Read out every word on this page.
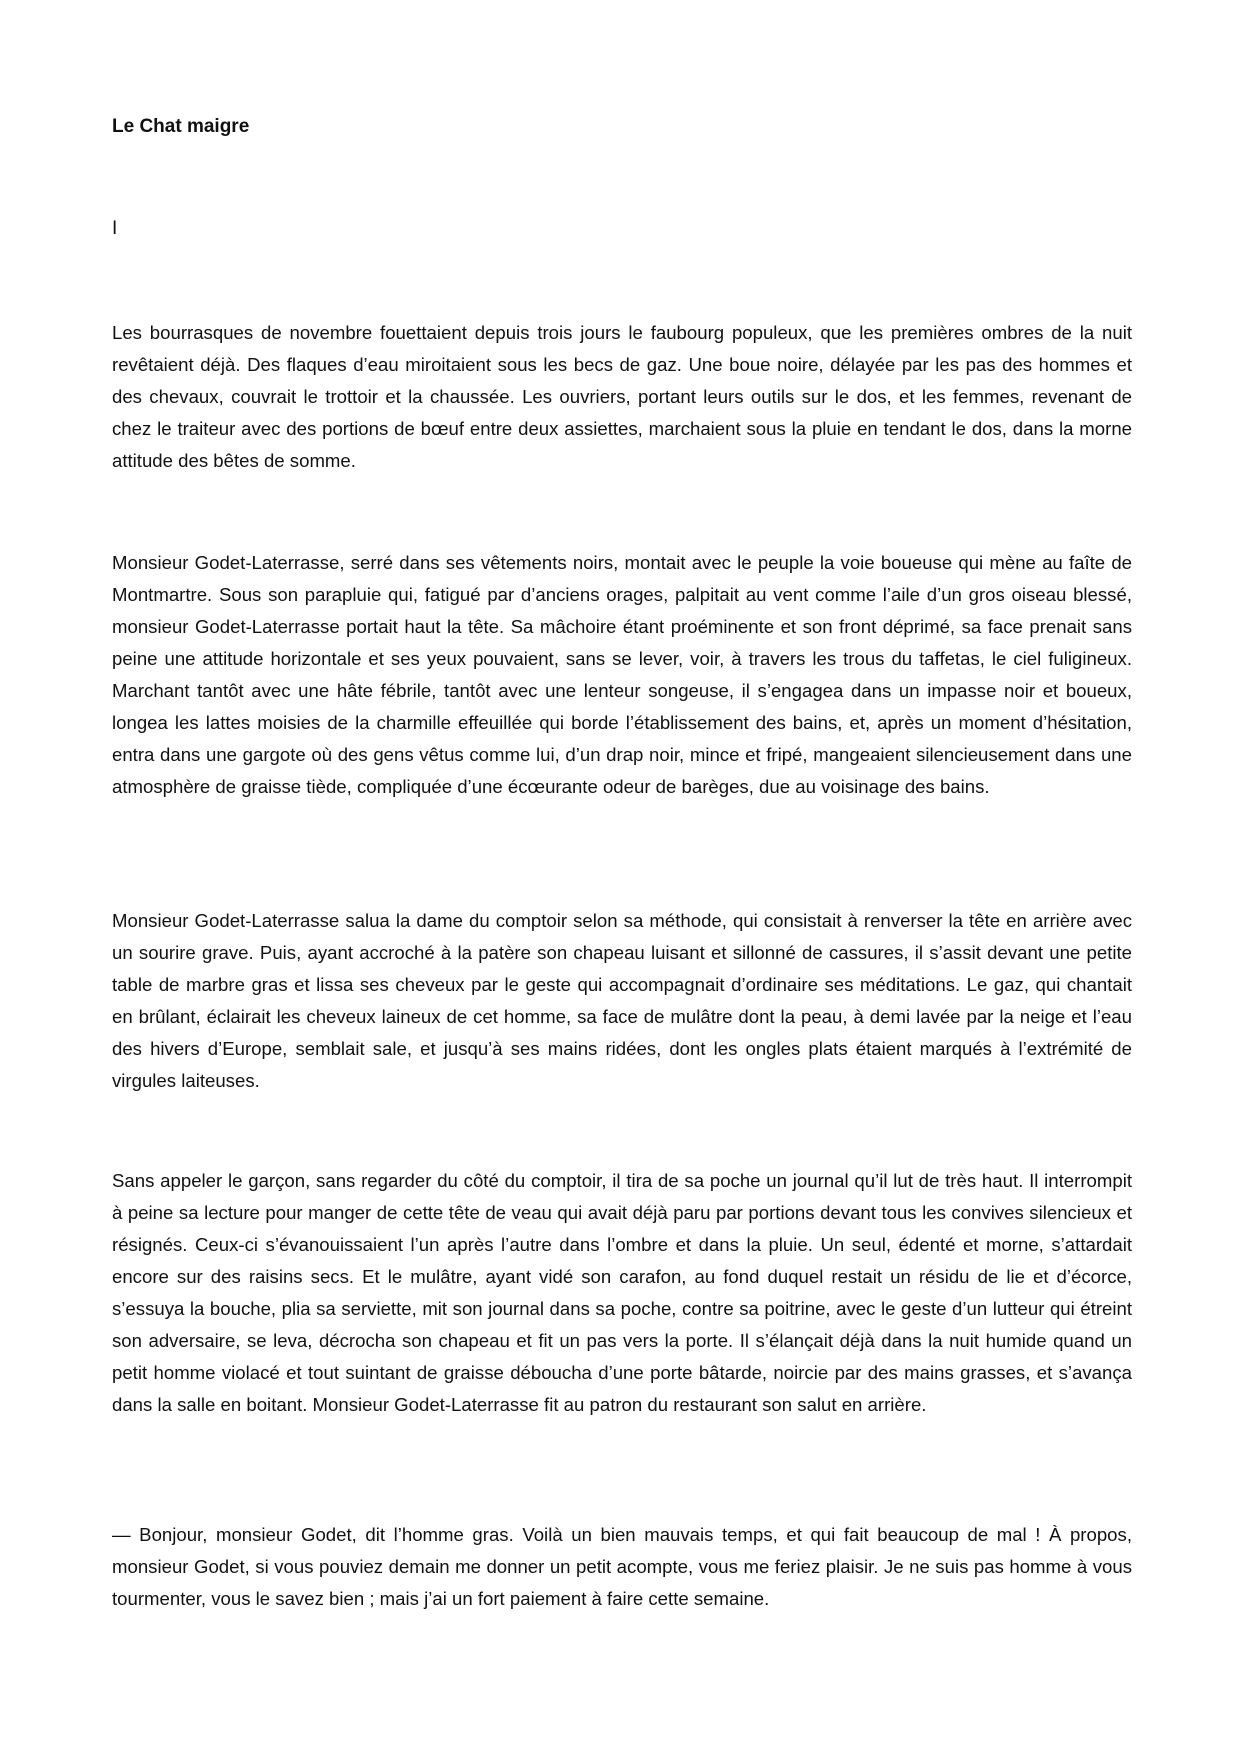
Le Chat maigre

I

Les bourrasques de novembre fouettaient depuis trois jours le faubourg populeux, que les premières ombres de la nuit revêtaient déjà. Des flaques d’eau miroitaient sous les becs de gaz. Une boue noire, délayée par les pas des hommes et des chevaux, couvrait le trottoir et la chaussée. Les ouvriers, portant leurs outils sur le dos, et les femmes, revenant de chez le traiteur avec des portions de bœuf entre deux assiettes, marchaient sous la pluie en tendant le dos, dans la morne attitude des bêtes de somme.

Monsieur Godet-Laterrasse, serré dans ses vêtements noirs, montait avec le peuple la voie boueuse qui mène au faîte de Montmartre. Sous son parapluie qui, fatigué par d’anciens orages, palpitait au vent comme l’aile d’un gros oiseau blessé, monsieur Godet-Laterrasse portait haut la tête. Sa mâchoire étant proéminente et son front déprimé, sa face prenait sans peine une attitude horizontale et ses yeux pouvaient, sans se lever, voir, à travers les trous du taffetas, le ciel fuligineux. Marchant tantôt avec une hâte fébrile, tantôt avec une lenteur songeuse, il s’engagea dans un impasse noir et boueux, longea les lattes moisies de la charmille effeuillée qui borde l’établissement des bains, et, après un moment d’hésitation, entra dans une gargote où des gens vêtus comme lui, d’un drap noir, mince et fripé, mangeaient silencieusement dans une atmosphère de graisse tiède, compliquée d’une écœurante odeur de barèges, due au voisinage des bains.

Monsieur Godet-Laterrasse salua la dame du comptoir selon sa méthode, qui consistait à renverser la tête en arrière avec un sourire grave. Puis, ayant accroché à la patère son chapeau luisant et sillonné de cassures, il s’assit devant une petite table de marbre gras et lissa ses cheveux par le geste qui accompagnait d’ordinaire ses méditations. Le gaz, qui chantait en brûlant, éclairait les cheveux laineux de cet homme, sa face de mulâtre dont la peau, à demi lavée par la neige et l’eau des hivers d’Europe, semblait sale, et jusqu’à ses mains ridées, dont les ongles plats étaient marqués à l’extrémité de virgules laiteuses.

Sans appeler le garçon, sans regarder du côté du comptoir, il tira de sa poche un journal qu’il lut de très haut. Il interrompit à peine sa lecture pour manger de cette tête de veau qui avait déjà paru par portions devant tous les convives silencieux et résignés. Ceux-ci s’évanouissaient l’un après l’autre dans l’ombre et dans la pluie. Un seul, édenté et morne, s’attardait encore sur des raisins secs. Et le mulâtre, ayant vidé son carafon, au fond duquel restait un résidu de lie et d’écorce, s’essuya la bouche, plia sa serviette, mit son journal dans sa poche, contre sa poitrine, avec le geste d’un lutteur qui étreint son adversaire, se leva, décrocha son chapeau et fit un pas vers la porte. Il s’élançait déjà dans la nuit humide quand un petit homme violacé et tout suintant de graisse déboucha d’une porte bâtarde, noircie par des mains grasses, et s’avança dans la salle en boitant. Monsieur Godet-Laterrasse fit au patron du restaurant son salut en arrière.

— Bonjour, monsieur Godet, dit l’homme gras. Voilà un bien mauvais temps, et qui fait beaucoup de mal ! À propos, monsieur Godet, si vous pouviez demain me donner un petit acompte, vous me feriez plaisir. Je ne suis pas homme à vous tourmenter, vous le savez bien ; mais j’ai un fort paiement à faire cette semaine.
